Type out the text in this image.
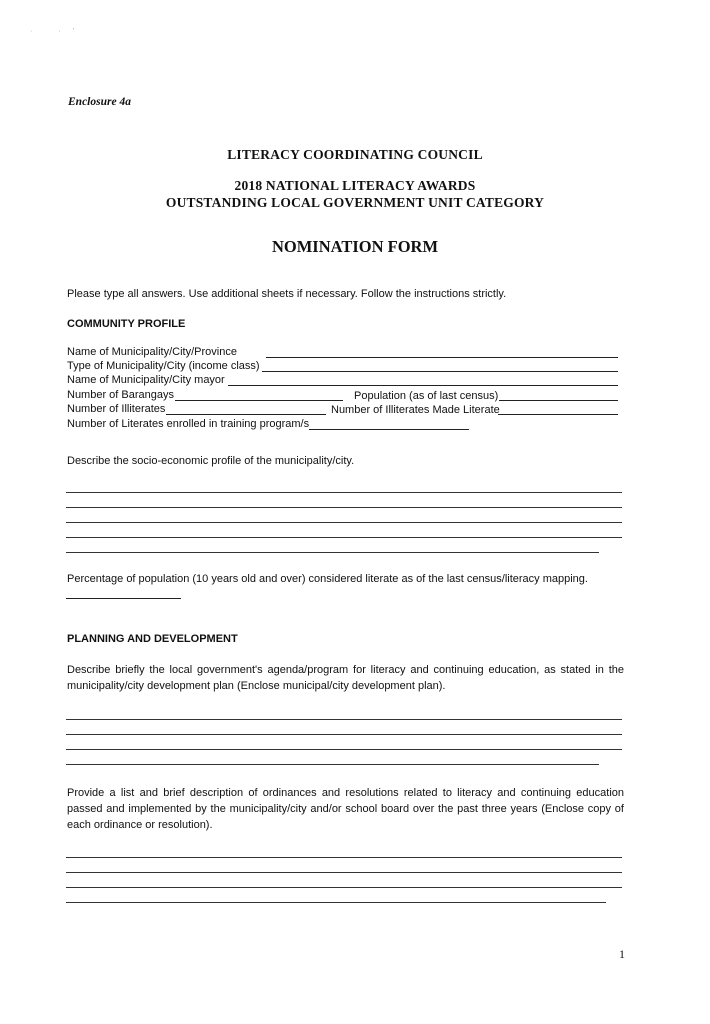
· ·'
Enclosure 4a
LITERACY COORDINATING COUNCIL
2018 NATIONAL LITERACY AWARDS
OUTSTANDING LOCAL GOVERNMENT UNIT CATEGORY
NOMINATION FORM
Please type all answers. Use additional sheets if necessary. Follow the instructions strictly.
COMMUNITY PROFILE
Name of Municipality/City/Province
Type of Municipality/City (income class)
Name of Municipality/City mayor
Number of Barangays	Population (as of last census)
Number of Illiterates	Number of Illiterates Made Literate
Number of Literates enrolled in training program/s
Describe the socio-economic profile of the municipality/city.
Percentage of population (10 years old and over) considered literate as of the last census/literacy mapping.
PLANNING AND DEVELOPMENT
Describe briefly the local government's agenda/program for literacy and continuing education, as stated in the municipality/city development plan (Enclose municipal/city development plan).
Provide a list and brief description of ordinances and resolutions related to literacy and continuing education passed and implemented by the municipality/city and/or school board over the past three years (Enclose copy of each ordinance or resolution).
1
